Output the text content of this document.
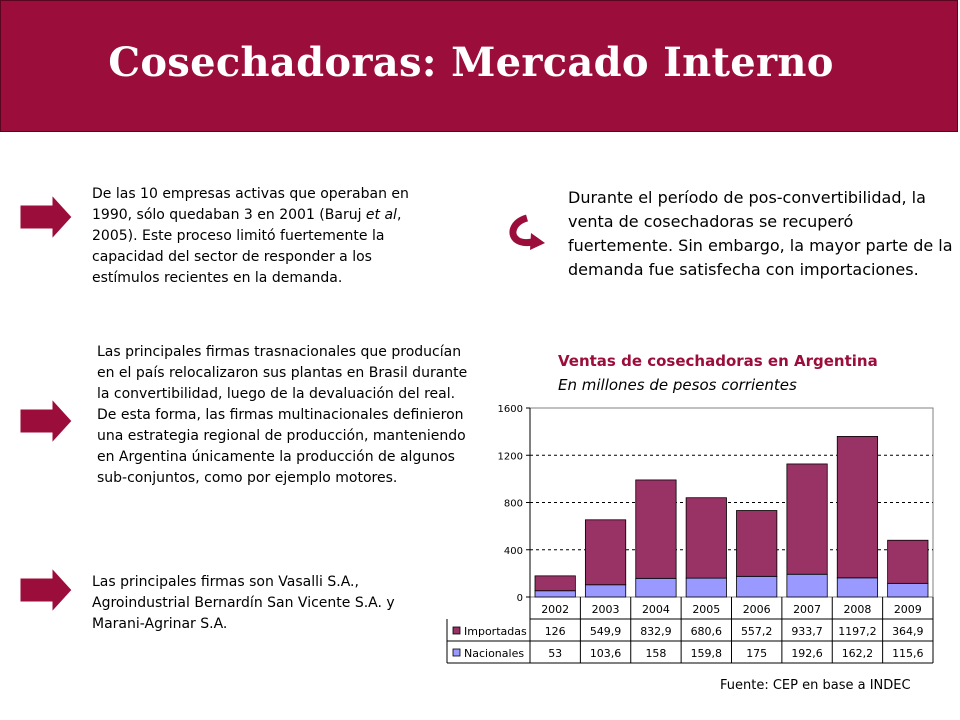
Cosechadoras: Mercado Interno
De las 10 empresas activas que operaban en 1990, sólo quedaban 3 en 2001 (Baruj et al, 2005). Este proceso limitó fuertemente la capacidad del sector de responder a los estímulos recientes en la demanda.
Las principales firmas trasnacionales que producían en el país relocalizaron sus plantas en Brasil durante la convertibilidad, luego de la devaluación del real. De esta forma, las firmas multinacionales definieron una estrategia regional de producción, manteniendo en Argentina únicamente la producción de algunos sub-conjuntos, como por ejemplo motores.
Las principales firmas son Vasalli S.A., Agroindustrial Bernardín San Vicente S.A. y Marani-Agrinar S.A.
Durante el período de pos-convertibilidad, la venta de cosechadoras se recuperó fuertemente. Sin embargo, la mayor parte de la demanda fue satisfecha con importaciones.
Ventas de cosechadoras en Argentina
En millones de pesos corrientes
0
400
800
1200
1600
2002 2003 2004 2005 2006 2007 2008 2009
Importadas 126 549,9 832,9 680,6 557,2 933,7 1197,2 364,9
Nacionales 53	103,6 158 159,8 175 192,6 162,2 115,6
Fuente: CEP en base a INDEC
